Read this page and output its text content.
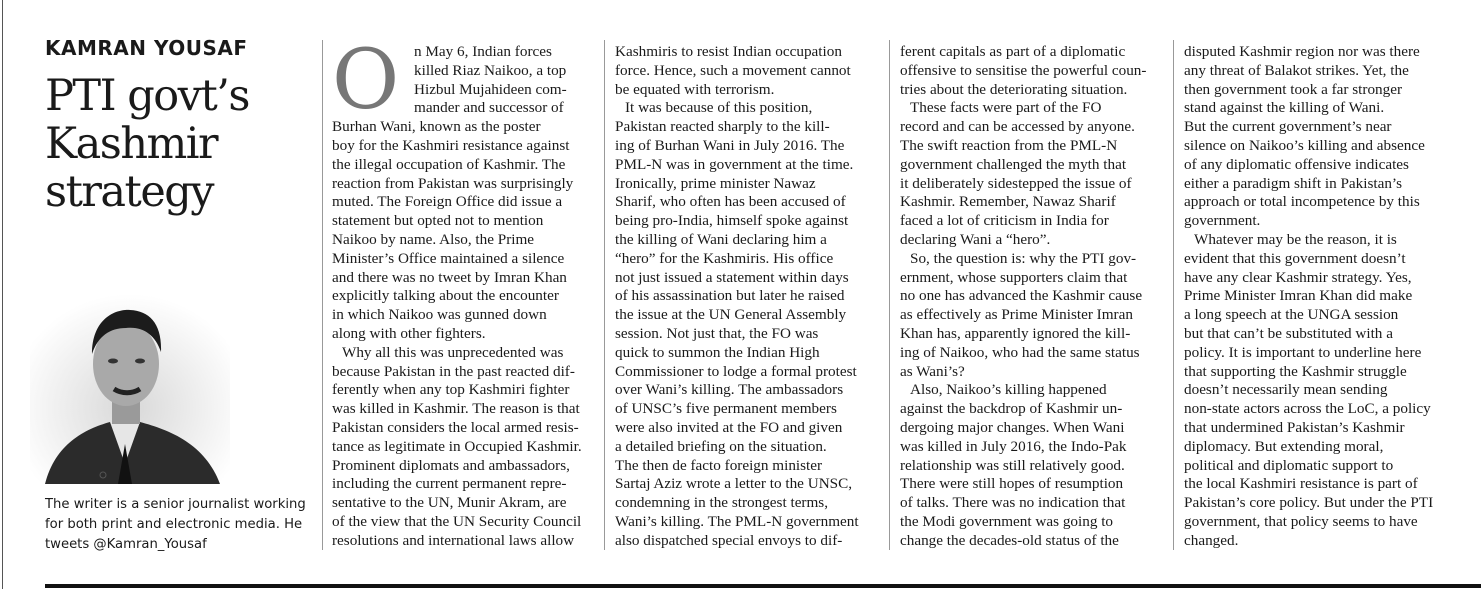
KAMRAN YOUSAF
PTI govt’s
Kashmir
strategy
The writer is a senior journalist working
for both print and electronic media. He
tweets @Kamran_Yousaf
O n May 6, Indian forces
killed Riaz Naikoo, a top
Hizbul Mujahideen com-
mander and successor of
Burhan Wani, known as the poster
boy for the Kashmiri resistance against
the illegal occupation of Kashmir. The
reaction from Pakistan was surprisingly
muted. The Foreign Office did issue a
statement but opted not to mention
Naikoo by name. Also, the Prime
Minister’s Office maintained a silence
and there was no tweet by Imran Khan
explicitly talking about the encounter
in which Naikoo was gunned down
along with other fighters.
Why all this was unprecedented was
because Pakistan in the past reacted dif-
ferently when any top Kashmiri fighter
was killed in Kashmir. The reason is that
Pakistan considers the local armed resis-
tance as legitimate in Occupied Kashmir.
Prominent diplomats and ambassadors,
including the current permanent repre-
sentative to the UN, Munir Akram, are
of the view that the UN Security Council
resolutions and international laws allow
Kashmiris to resist Indian occupation
force. Hence, such a movement cannot
be equated with terrorism.
It was because of this position,
Pakistan reacted sharply to the kill-
ing of Burhan Wani in July 2016. The
PML-N was in government at the time.
Ironically, prime minister Nawaz
Sharif, who often has been accused of
being pro-India, himself spoke against
the killing of Wani declaring him a
“hero” for the Kashmiris. His office
not just issued a statement within days
of his assassination but later he raised
the issue at the UN General Assembly
session. Not just that, the FO was
quick to summon the Indian High
Commissioner to lodge a formal protest
over Wani’s killing. The ambassadors
of UNSC’s five permanent members
were also invited at the FO and given
a detailed briefing on the situation.
The then de facto foreign minister
Sartaj Aziz wrote a letter to the UNSC,
condemning in the strongest terms,
Wani’s killing. The PML-N government
also dispatched special envoys to dif-
ferent capitals as part of a diplomatic
offensive to sensitise the powerful coun-
tries about the deteriorating situation.
These facts were part of the FO
record and can be accessed by anyone.
The swift reaction from the PML-N
government challenged the myth that
it deliberately sidestepped the issue of
Kashmir. Remember, Nawaz Sharif
faced a lot of criticism in India for
declaring Wani a “hero”.
So, the question is: why the PTI gov-
ernment, whose supporters claim that
no one has advanced the Kashmir cause
as effectively as Prime Minister Imran
Khan has, apparently ignored the kill-
ing of Naikoo, who had the same status
as Wani’s?
Also, Naikoo’s killing happened
against the backdrop of Kashmir un-
dergoing major changes. When Wani
was killed in July 2016, the Indo-Pak
relationship was still relatively good.
There were still hopes of resumption
of talks. There was no indication that
the Modi government was going to
change the decades-old status of the
disputed Kashmir region nor was there
any threat of Balakot strikes. Yet, the
then government took a far stronger
stand against the killing of Wani.
But the current government’s near
silence on Naikoo’s killing and absence
of any diplomatic offensive indicates
either a paradigm shift in Pakistan’s
approach or total incompetence by this
government.
Whatever may be the reason, it is
evident that this government doesn’t
have any clear Kashmir strategy. Yes,
Prime Minister Imran Khan did make
a long speech at the UNGA session
but that can’t be substituted with a
policy. It is important to underline here
that supporting the Kashmir struggle
doesn’t necessarily mean sending
non-state actors across the LoC, a policy
that undermined Pakistan’s Kashmir
diplomacy. But extending moral,
political and diplomatic support to
the local Kashmiri resistance is part of
Pakistan’s core policy. But under the PTI
government, that policy seems to have
changed.
